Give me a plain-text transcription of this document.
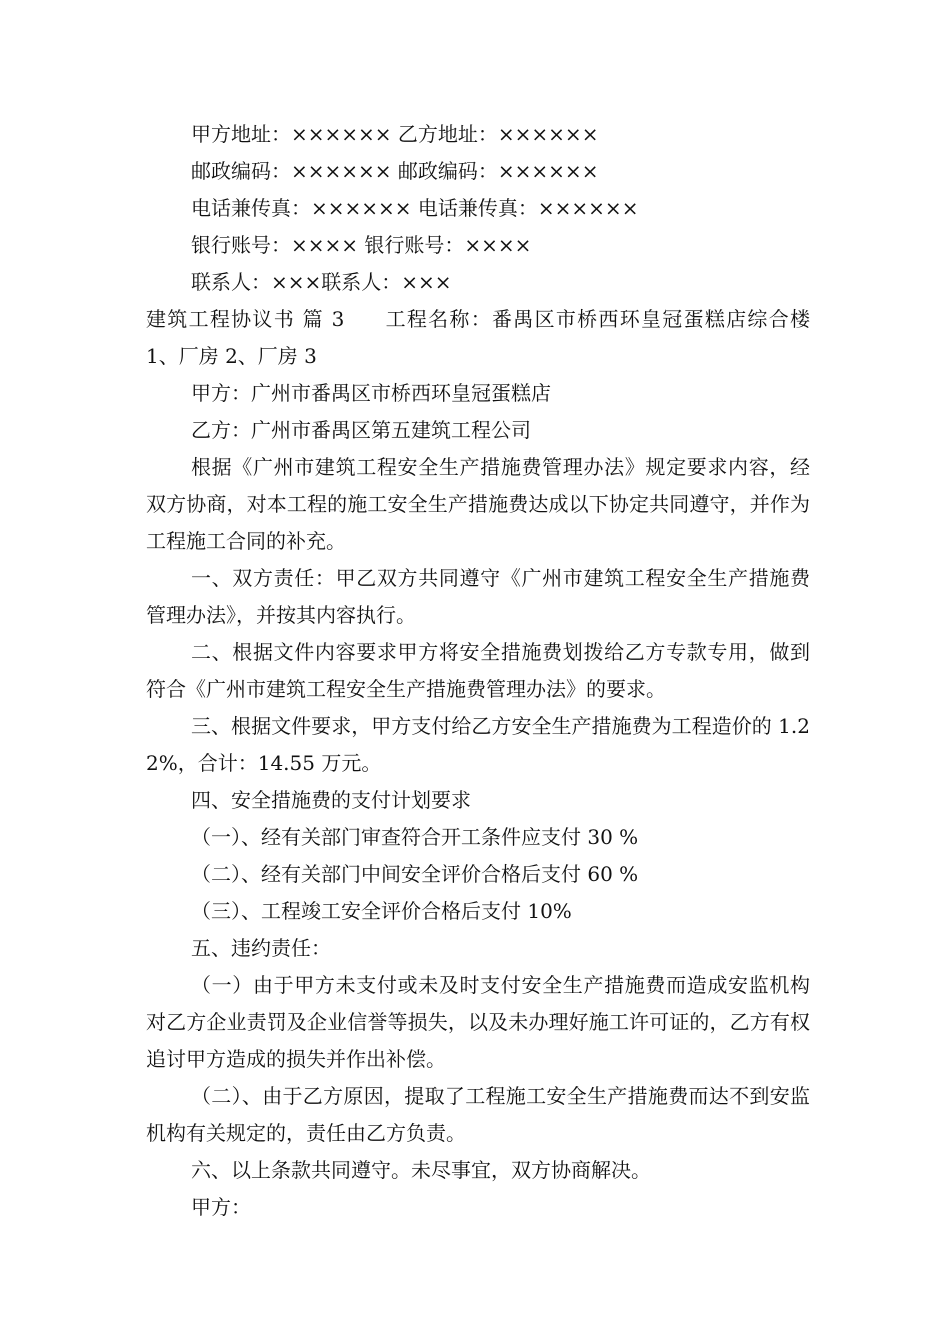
甲方地址：×××××× 乙方地址：××××××

邮政编码：×××××× 邮政编码：××××××

电话兼传真：×××××× 电话兼传真：××××××

银行账号：×××× 银行账号：××××

联系人：×××联系人：×××

建筑工程协议书 篇 3 工程名称：番禺区市桥西环皇冠蛋糕店综合楼 1、厂房 2、厂房 3

甲方：广州市番禺区市桥西环皇冠蛋糕店

乙方：广州市番禺区第五建筑工程公司

根据《广州市建筑工程安全生产措施费管理办法》规定要求内容，经双方协商，对本工程的施工安全生产措施费达成以下协定共同遵守，并作为工程施工合同的补充。

一、双方责任：甲乙双方共同遵守《广州市建筑工程安全生产措施费管理办法》，并按其内容执行。

二、根据文件内容要求甲方将安全措施费划拨给乙方专款专用，做到符合《广州市建筑工程安全生产措施费管理办法》的要求。

三、根据文件要求，甲方支付给乙方安全生产措施费为工程造价的 1.22%，合计：14.55 万元。

四、安全措施费的支付计划要求

（一）、经有关部门审查符合开工条件应支付 30 %

（二）、经有关部门中间安全评价合格后支付 60 %

（三）、工程竣工安全评价合格后支付 10%

五、违约责任：

（一）由于甲方未支付或未及时支付安全生产措施费而造成安监机构对乙方企业责罚及企业信誉等损失，以及未办理好施工许可证的，乙方有权追讨甲方造成的损失并作出补偿。

（二）、由于乙方原因，提取了工程施工安全生产措施费而达不到安监机构有关规定的，责任由乙方负责。

六、以上条款共同遵守。未尽事宜，双方协商解决。

甲方：
